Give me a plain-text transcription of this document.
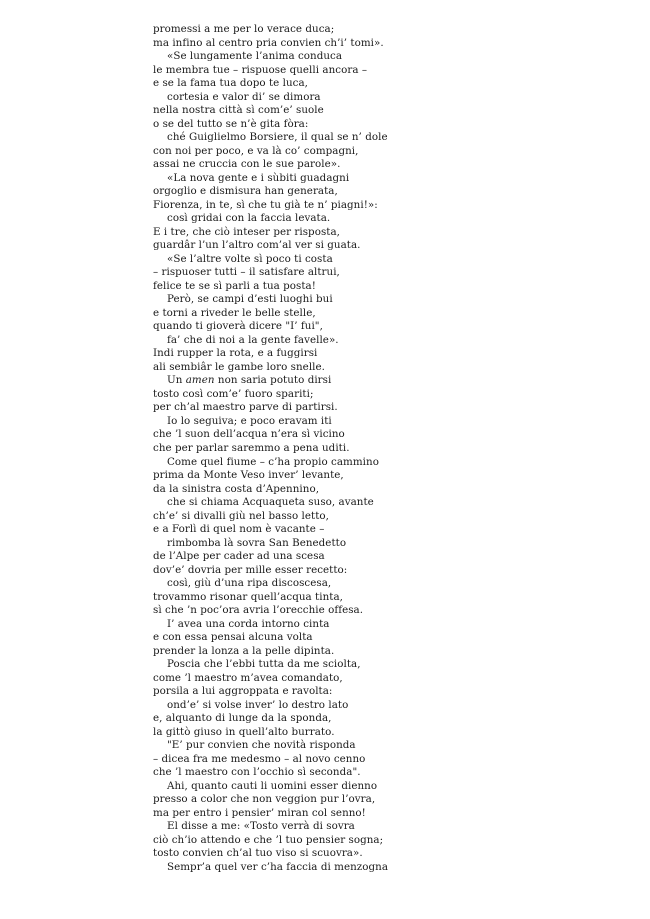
promessi a me per lo verace duca;
ma infino al centro pria convien ch’i’ tomi».
«Se lungamente l’anima conduca
le membra tue – rispuose quelli ancora –
e se la fama tua dopo te luca,
cortesia e valor di’ se dimora
nella nostra città sì com’e’ suole
o se del tutto se n’è gita fòra:
ché Guiglielmo Borsiere, il qual se n’ dole
con noi per poco, e va là co’ compagni,
assai ne cruccia con le sue parole».
«La nova gente e i sùbiti guadagni
orgoglio e dismisura han generata,
Fiorenza, in te, sì che tu già te n’ piagni!»:
così gridai con la faccia levata.
E i tre, che ciò inteser per risposta,
guardâr l’un l’altro com’al ver si guata.
«Se l’altre volte sì poco ti costa
– rispuoser tutti – il satisfare altrui,
felice te se sì parli a tua posta!
Però, se campi d’esti luoghi bui
e torni a riveder le belle stelle,
quando ti gioverà dicere "I’ fui",
fa’ che di noi a la gente favelle».
Indi rupper la rota, e a fuggirsi
ali sembiâr le gambe loro snelle.
Un amen non saria potuto dirsi
tosto così com’e’ fuoro spariti;
per ch’al maestro parve di partirsi.
Io lo seguiva; e poco eravam iti
che ’l suon dell’acqua n’era sì vicino
che per parlar saremmo a pena uditi.
Come quel fiume – c’ha propio cammino
prima da Monte Veso inver’ levante,
da la sinistra costa d’Apennino,
che si chiama Acquaqueta suso, avante
ch’e’ si divalli giù nel basso letto,
e a Forlì di quel nom è vacante –
rimbomba là sovra San Benedetto
de l’Alpe per cader ad una scesa
dov’e’ dovria per mille esser recetto:
così, giù d’una ripa discoscesa,
trovammo risonar quell’acqua tinta,
sì che ’n poc’ora avria l’orecchie offesa.
I’ avea una corda intorno cinta
e con essa pensai alcuna volta
prender la lonza a la pelle dipinta.
Poscia che l’ebbi tutta da me sciolta,
come ’l maestro m’avea comandato,
porsila a lui aggroppata e ravolta:
ond’e’ si volse inver’ lo destro lato
e, alquanto di lunge da la sponda,
la gittò giuso in quell’alto burrato.
"E’ pur convien che novità risponda
– dicea fra me medesmo – al novo cenno
che ’l maestro con l’occhio sì seconda".
Ahi, quanto cauti li uomini esser dienno
presso a color che non veggion pur l’ovra,
ma per entro i pensier’ miran col senno!
El disse a me: «Tosto verrà di sovra
ciò ch’io attendo e che ’l tuo pensier sogna;
tosto convien ch’al tuo viso si scuovra».
Sempr’a quel ver c’ha faccia di menzogna
